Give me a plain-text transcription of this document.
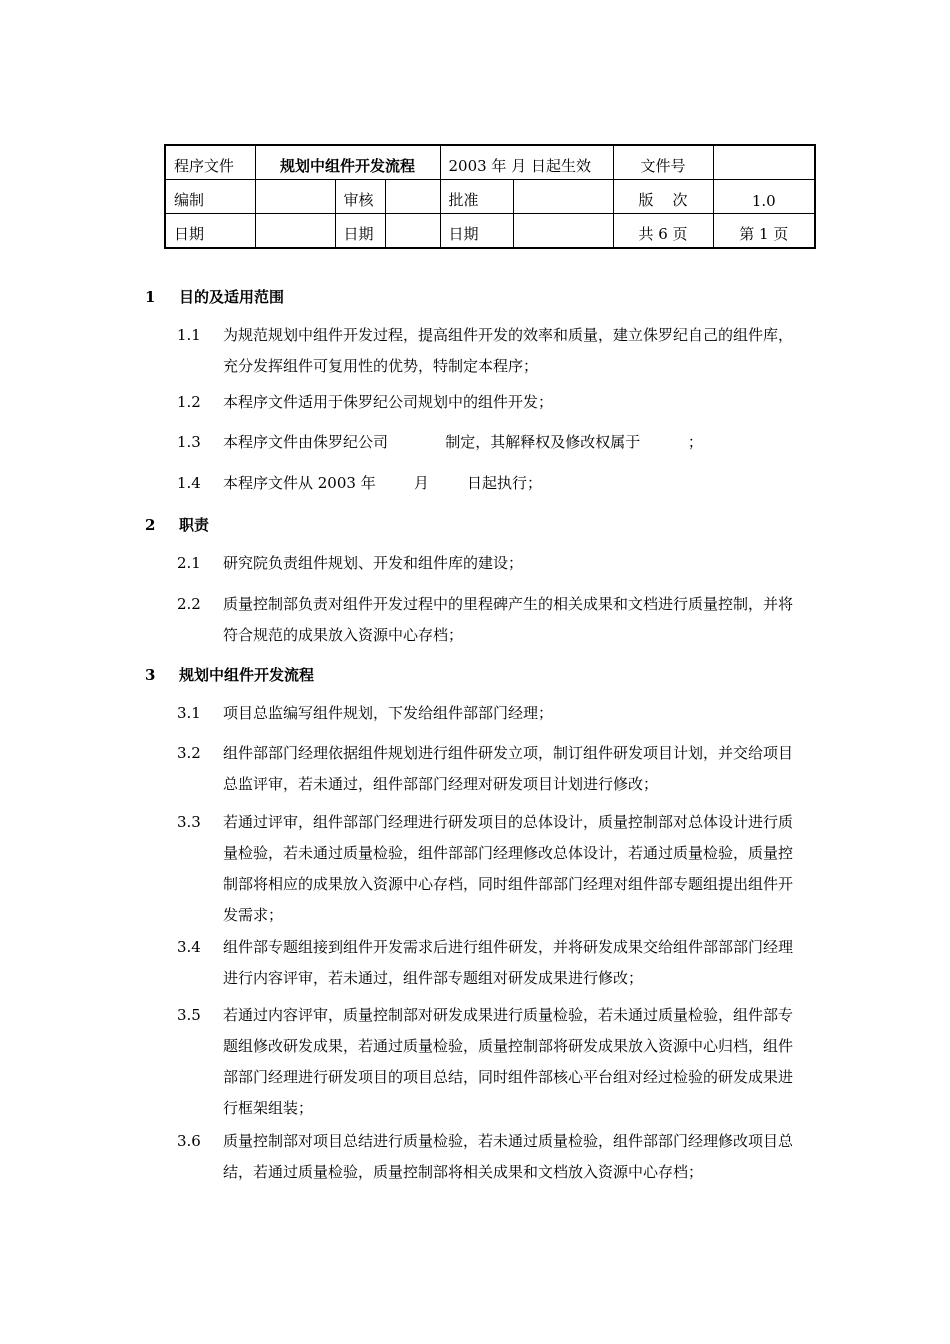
程序文件	规划中组件开发流程			2003 年 月 日起生效		文件号	
编制		审核		批准		版    次	1.0
日期		日期		日期		共 6 页	第 1 页
1 目的及适用范围
1.1	为规范规划中组件开发过程，提高组件开发的效率和质量，建立侏罗纪自己的组件库，充分发挥组件可复用性的优势，特制定本程序；
1.2	本程序文件适用于侏罗纪公司规划中的组件开发；
1.3	本程序文件由侏罗纪公司            制定，其解释权及修改权属于          ；
1.4	本程序文件从 2003 年        月        日起执行；
2 职责
2.1	研究院负责组件规划、开发和组件库的建设；
2.2	质量控制部负责对组件开发过程中的里程碑产生的相关成果和文档进行质量控制，并将符合规范的成果放入资源中心存档；
3 规划中组件开发流程
3.1	项目总监编写组件规划，下发给组件部部门经理；
3.2	组件部部门经理依据组件规划进行组件研发立项，制订组件研发项目计划，并交给项目总监评审，若未通过，组件部部门经理对研发项目计划进行修改；
3.3	若通过评审，组件部部门经理进行研发项目的总体设计，质量控制部对总体设计进行质量检验，若未通过质量检验，组件部部门经理修改总体设计，若通过质量检验，质量控制部将相应的成果放入资源中心存档，同时组件部部门经理对组件部专题组提出组件开发需求；
3.4	组件部专题组接到组件开发需求后进行组件研发，并将研发成果交给组件部部部门经理进行内容评审，若未通过，组件部专题组对研发成果进行修改；
3.5	若通过内容评审，质量控制部对研发成果进行质量检验，若未通过质量检验，组件部专题组修改研发成果，若通过质量检验，质量控制部将研发成果放入资源中心归档，组件部部门经理进行研发项目的项目总结，同时组件部核心平台组对经过检验的研发成果进行框架组装；
3.6	质量控制部对项目总结进行质量检验，若未通过质量检验，组件部部门经理修改项目总结，若通过质量检验，质量控制部将相关成果和文档放入资源中心存档；
